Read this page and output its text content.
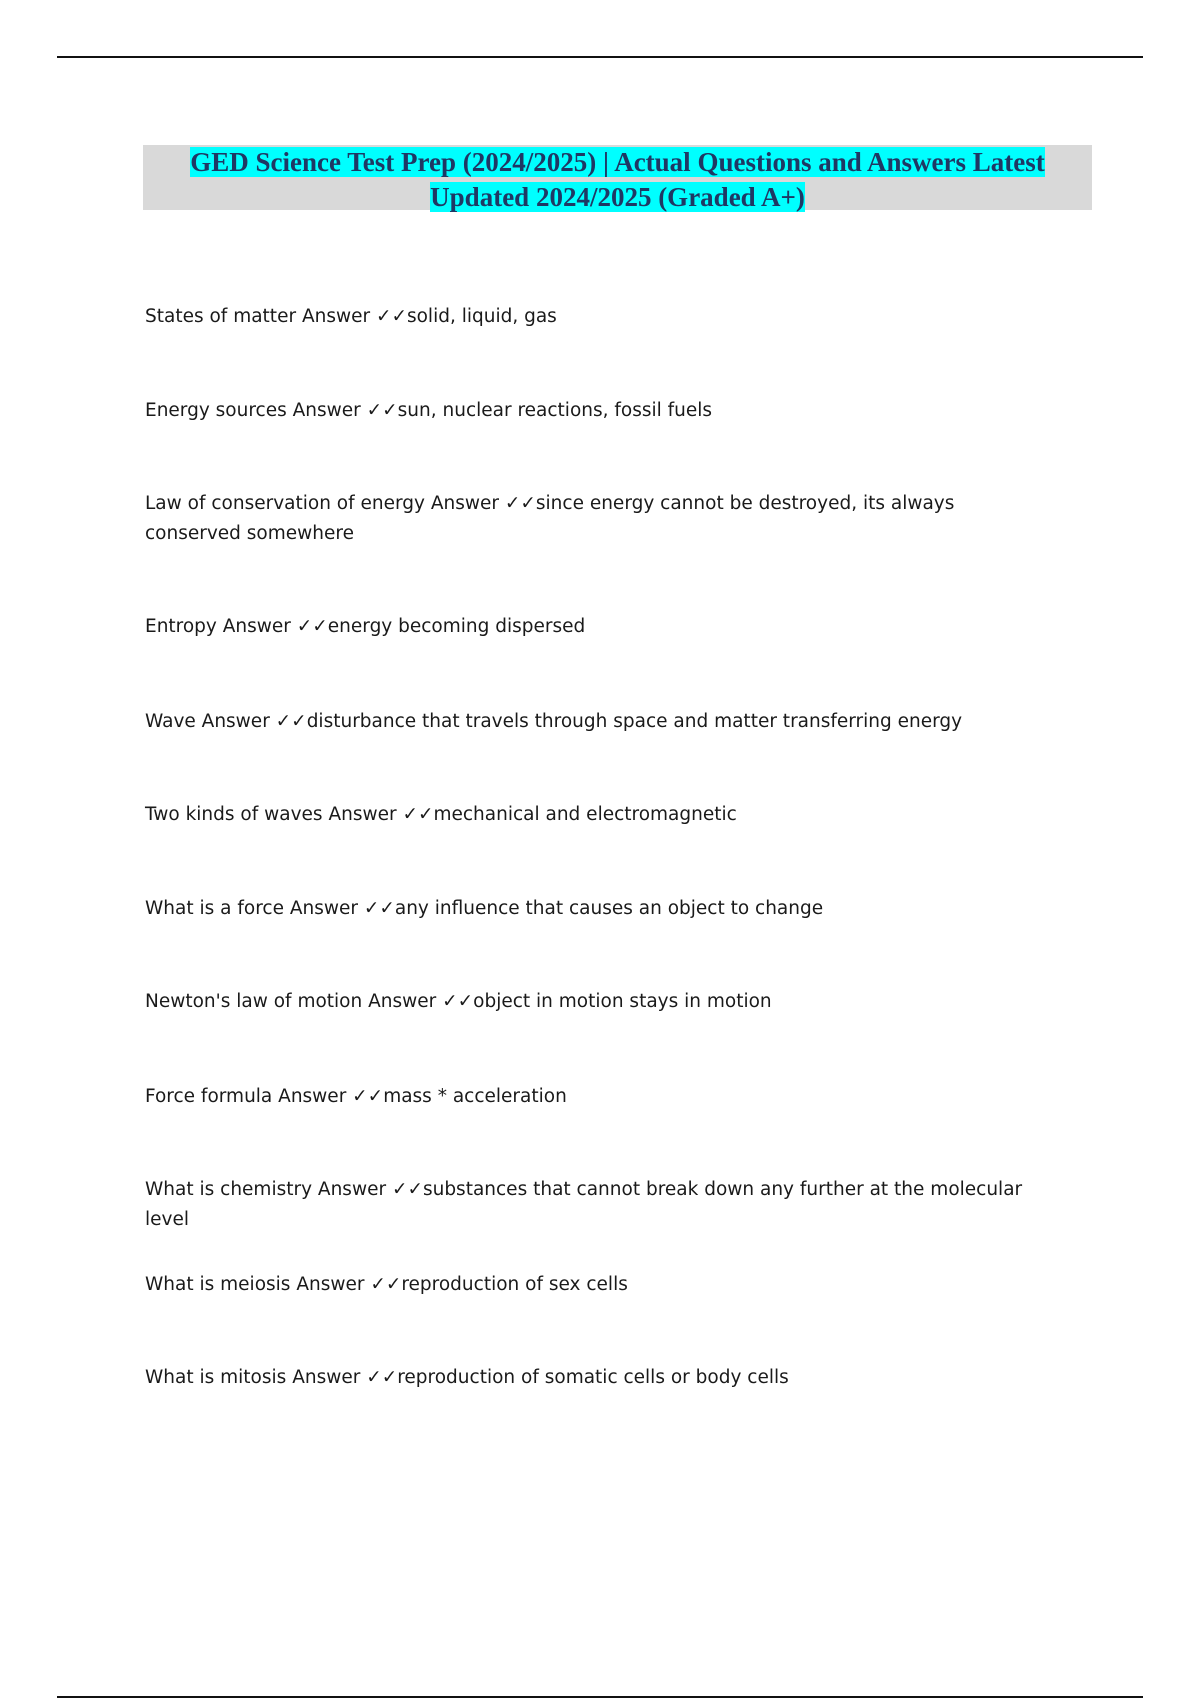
GED Science Test Prep (2024/2025) | Actual Questions and Answers Latest
Updated 2024/2025 (Graded A+)
States of matter Answer ✓✓solid, liquid, gas
Energy sources Answer ✓✓sun, nuclear reactions, fossil fuels
Law of conservation of energy Answer ✓✓since energy cannot be destroyed, its always conserved somewhere
Entropy Answer ✓✓energy becoming dispersed
Wave Answer ✓✓disturbance that travels through space and matter transferring energy
Two kinds of waves Answer ✓✓mechanical and electromagnetic
What is a force Answer ✓✓any influence that causes an object to change
Newton's law of motion Answer ✓✓object in motion stays in motion
Force formula Answer ✓✓mass * acceleration
What is chemistry Answer ✓✓substances that cannot break down any further at the molecular level
What is meiosis Answer ✓✓reproduction of sex cells
What is mitosis Answer ✓✓reproduction of somatic cells or body cells
